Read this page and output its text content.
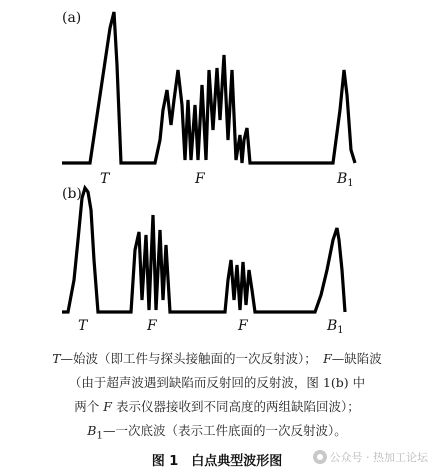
(a)
T	F	$B_1$
(b)
T	F	F	$B_1$
T—始波（即工件与探头接触面的一次反射波）；　 F—缺陷波
（由于超声波遇到缺陷而反射回的反射波，图 1(b) 中
两个 F 表示仪器接收到不同高度的两组缺陷回波）；
$B_1—$一次底波（表示工件底面的一次反射波）。
图 1　白点典型波形图	公众号 · 热加工论坛
